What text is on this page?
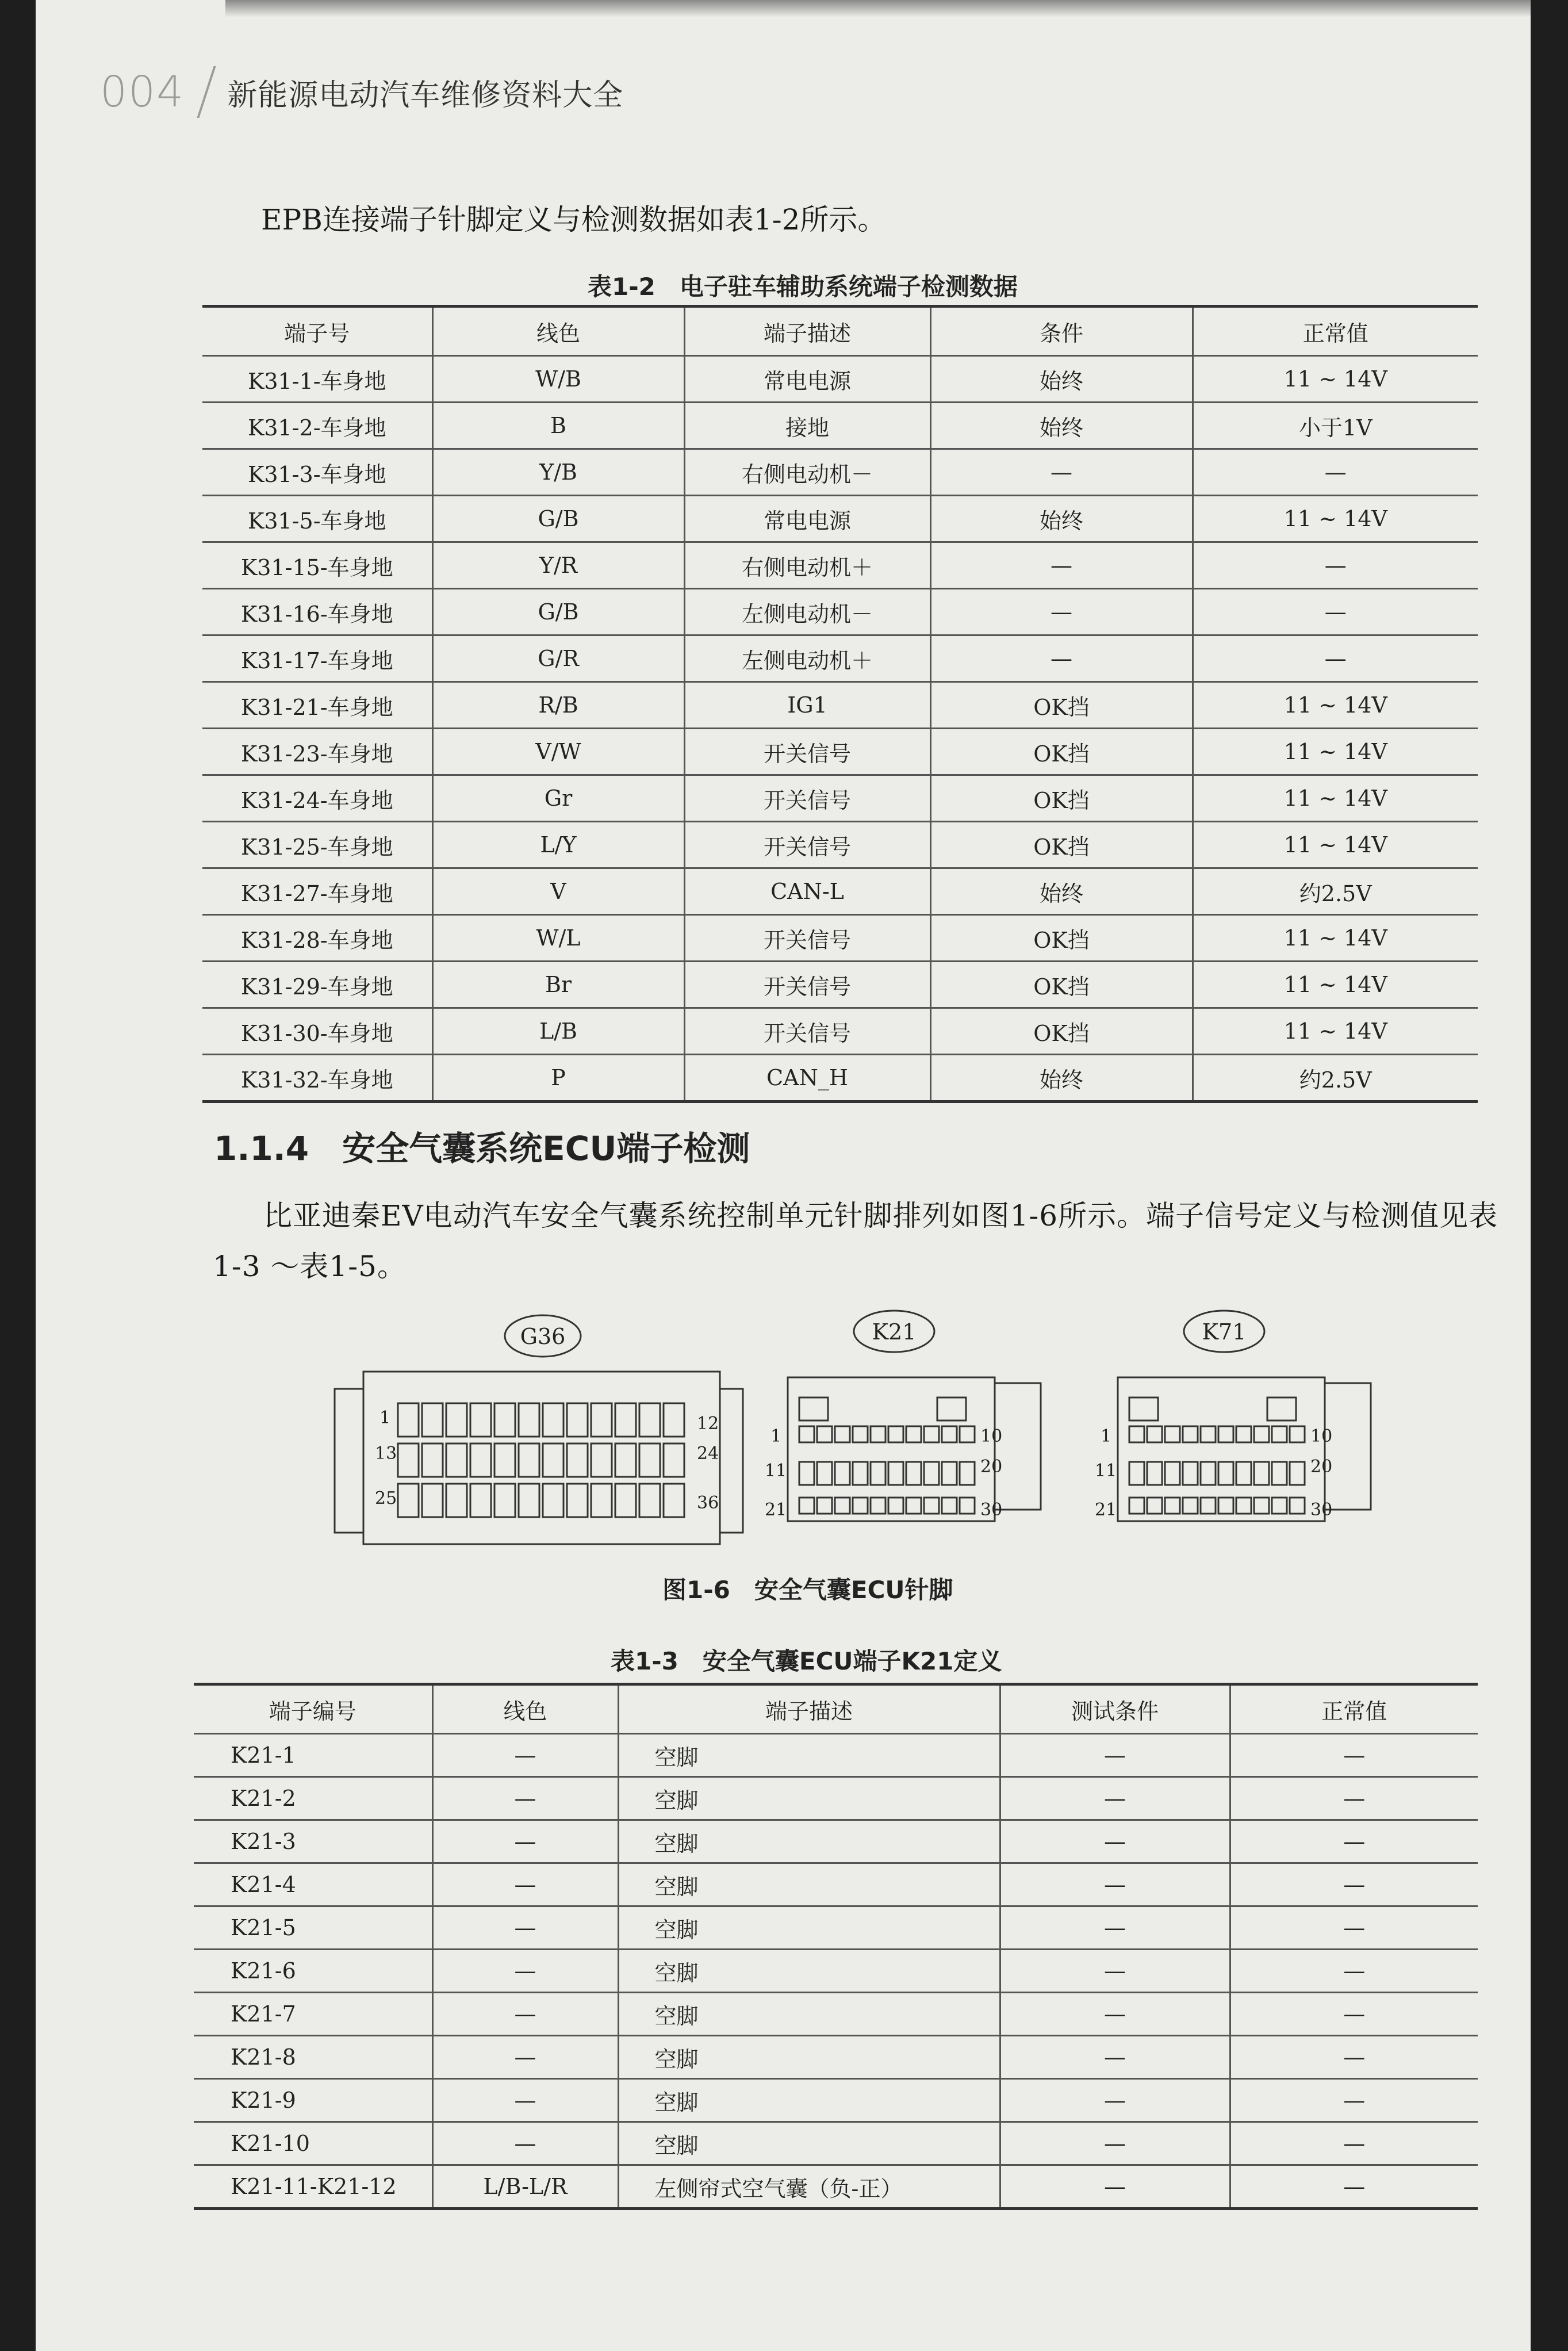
004 新能源电动汽车维修资料大全
EPB连接端子针脚定义与检测数据如表1-2所示。
表1-2　电子驻车辅助系统端子检测数据
端子号	线色	端子描述	条件	正常值
K31-1-车身地	W/B	常电电源	始终	11 ~ 14V
K31-2-车身地	B	接地	始终	小于1V
K31-3-车身地	Y/B	右侧电动机－	—	—
K31-5-车身地	G/B	常电电源	始终	11 ~ 14V
K31-15-车身地	Y/R	右侧电动机＋	—	—
K31-16-车身地	G/B	左侧电动机－	—	—
K31-17-车身地	G/R	左侧电动机＋	—	—
K31-21-车身地	R/B	IG1	OK挡	11 ~ 14V
K31-23-车身地	V/W	开关信号	OK挡	11 ~ 14V
K31-24-车身地	Gr	开关信号	OK挡	11 ~ 14V
K31-25-车身地	L/Y	开关信号	OK挡	11 ~ 14V
K31-27-车身地	V	CAN-L	始终	约2.5V
K31-28-车身地	W/L	开关信号	OK挡	11 ~ 14V
K31-29-车身地	Br	开关信号	OK挡	11 ~ 14V
K31-30-车身地	L/B	开关信号	OK挡	11 ~ 14V
K31-32-车身地	P	CAN_H	始终	约2.5V
1.1.4　安全气囊系统ECU端子检测
比亚迪秦EV电动汽车安全气囊系统控制单元针脚排列如图1-6所示。端子信号定义与检测值见表1-3 ～表1-5。
G36
1	12
13	24
25	36
K21
1	10
11	20
21	30
K71
1	10
11	20
21	30
图1-6　安全气囊ECU针脚
表1-3　安全气囊ECU端子K21定义
端子编号	线色	端子描述	测试条件	正常值
K21-1	—	空脚	—	—
K21-2	—	空脚	—	—
K21-3	—	空脚	—	—
K21-4	—	空脚	—	—
K21-5	—	空脚	—	—
K21-6	—	空脚	—	—
K21-7	—	空脚	—	—
K21-8	—	空脚	—	—
K21-9	—	空脚	—	—
K21-10	—	空脚	—	—
K21-11-K21-12	L/B-L/R	左侧帘式空气囊（负-正）	—	—
